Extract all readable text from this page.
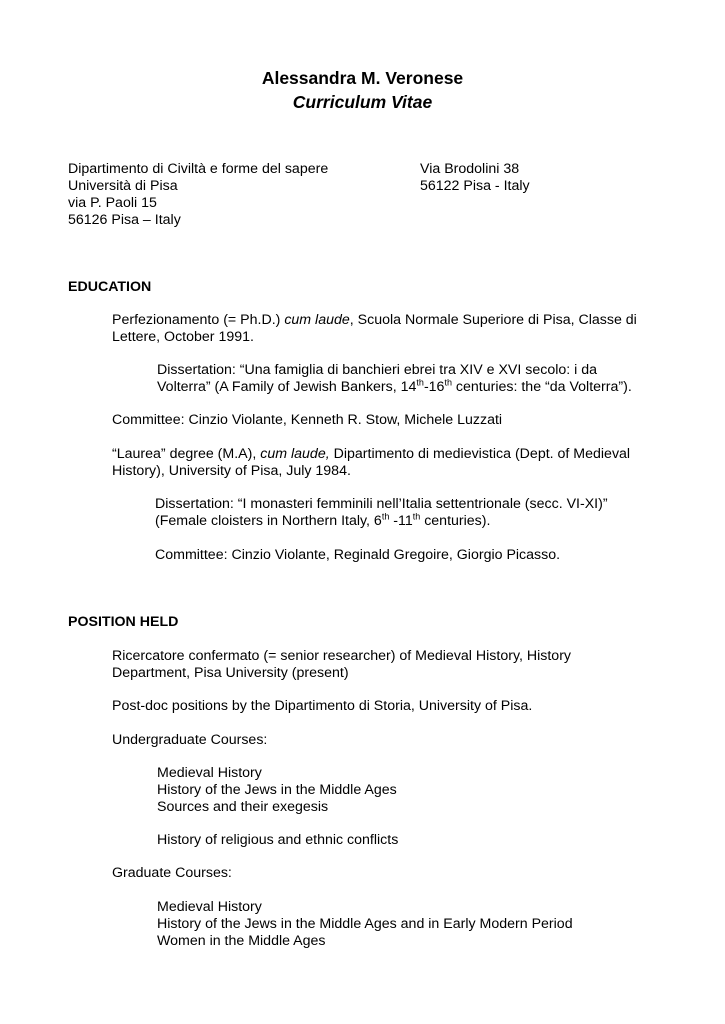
Alessandra M. Veronese
Curriculum Vitae
Dipartimento di Civiltà e forme del sapere
Università di Pisa
via P. Paoli 15
56126 Pisa – Italy
Via Brodolini 38
56122 Pisa - Italy
EDUCATION
Perfezionamento (= Ph.D.) cum laude, Scuola Normale Superiore di Pisa, Classe di
Lettere, October 1991.
Dissertation: “Una famiglia di banchieri ebrei tra XIV e XVI secolo: i da
Volterra” (A Family of Jewish Bankers, 14th-16th centuries: the “da Volterra”).
Committee: Cinzio Violante, Kenneth R. Stow, Michele Luzzati
“Laurea” degree (M.A), cum laude, Dipartimento di medievistica (Dept. of Medieval
History), University of Pisa, July 1984.
Dissertation: “I monasteri femminili nell’Italia settentrionale (secc. VI-XI)”
(Female cloisters in Northern Italy, 6th -11th centuries).
Committee: Cinzio Violante, Reginald Gregoire, Giorgio Picasso.
POSITION HELD
Ricercatore confermato (= senior researcher) of Medieval History, History
Department, Pisa University (present)
Post-doc positions by the Dipartimento di Storia, University of Pisa.
Undergraduate Courses:
Medieval History
History of the Jews in the Middle Ages
Sources and their exegesis
History of religious and ethnic conflicts
Graduate Courses:
Medieval History
History of the Jews in the Middle Ages and in Early Modern Period
Women in the Middle Ages
